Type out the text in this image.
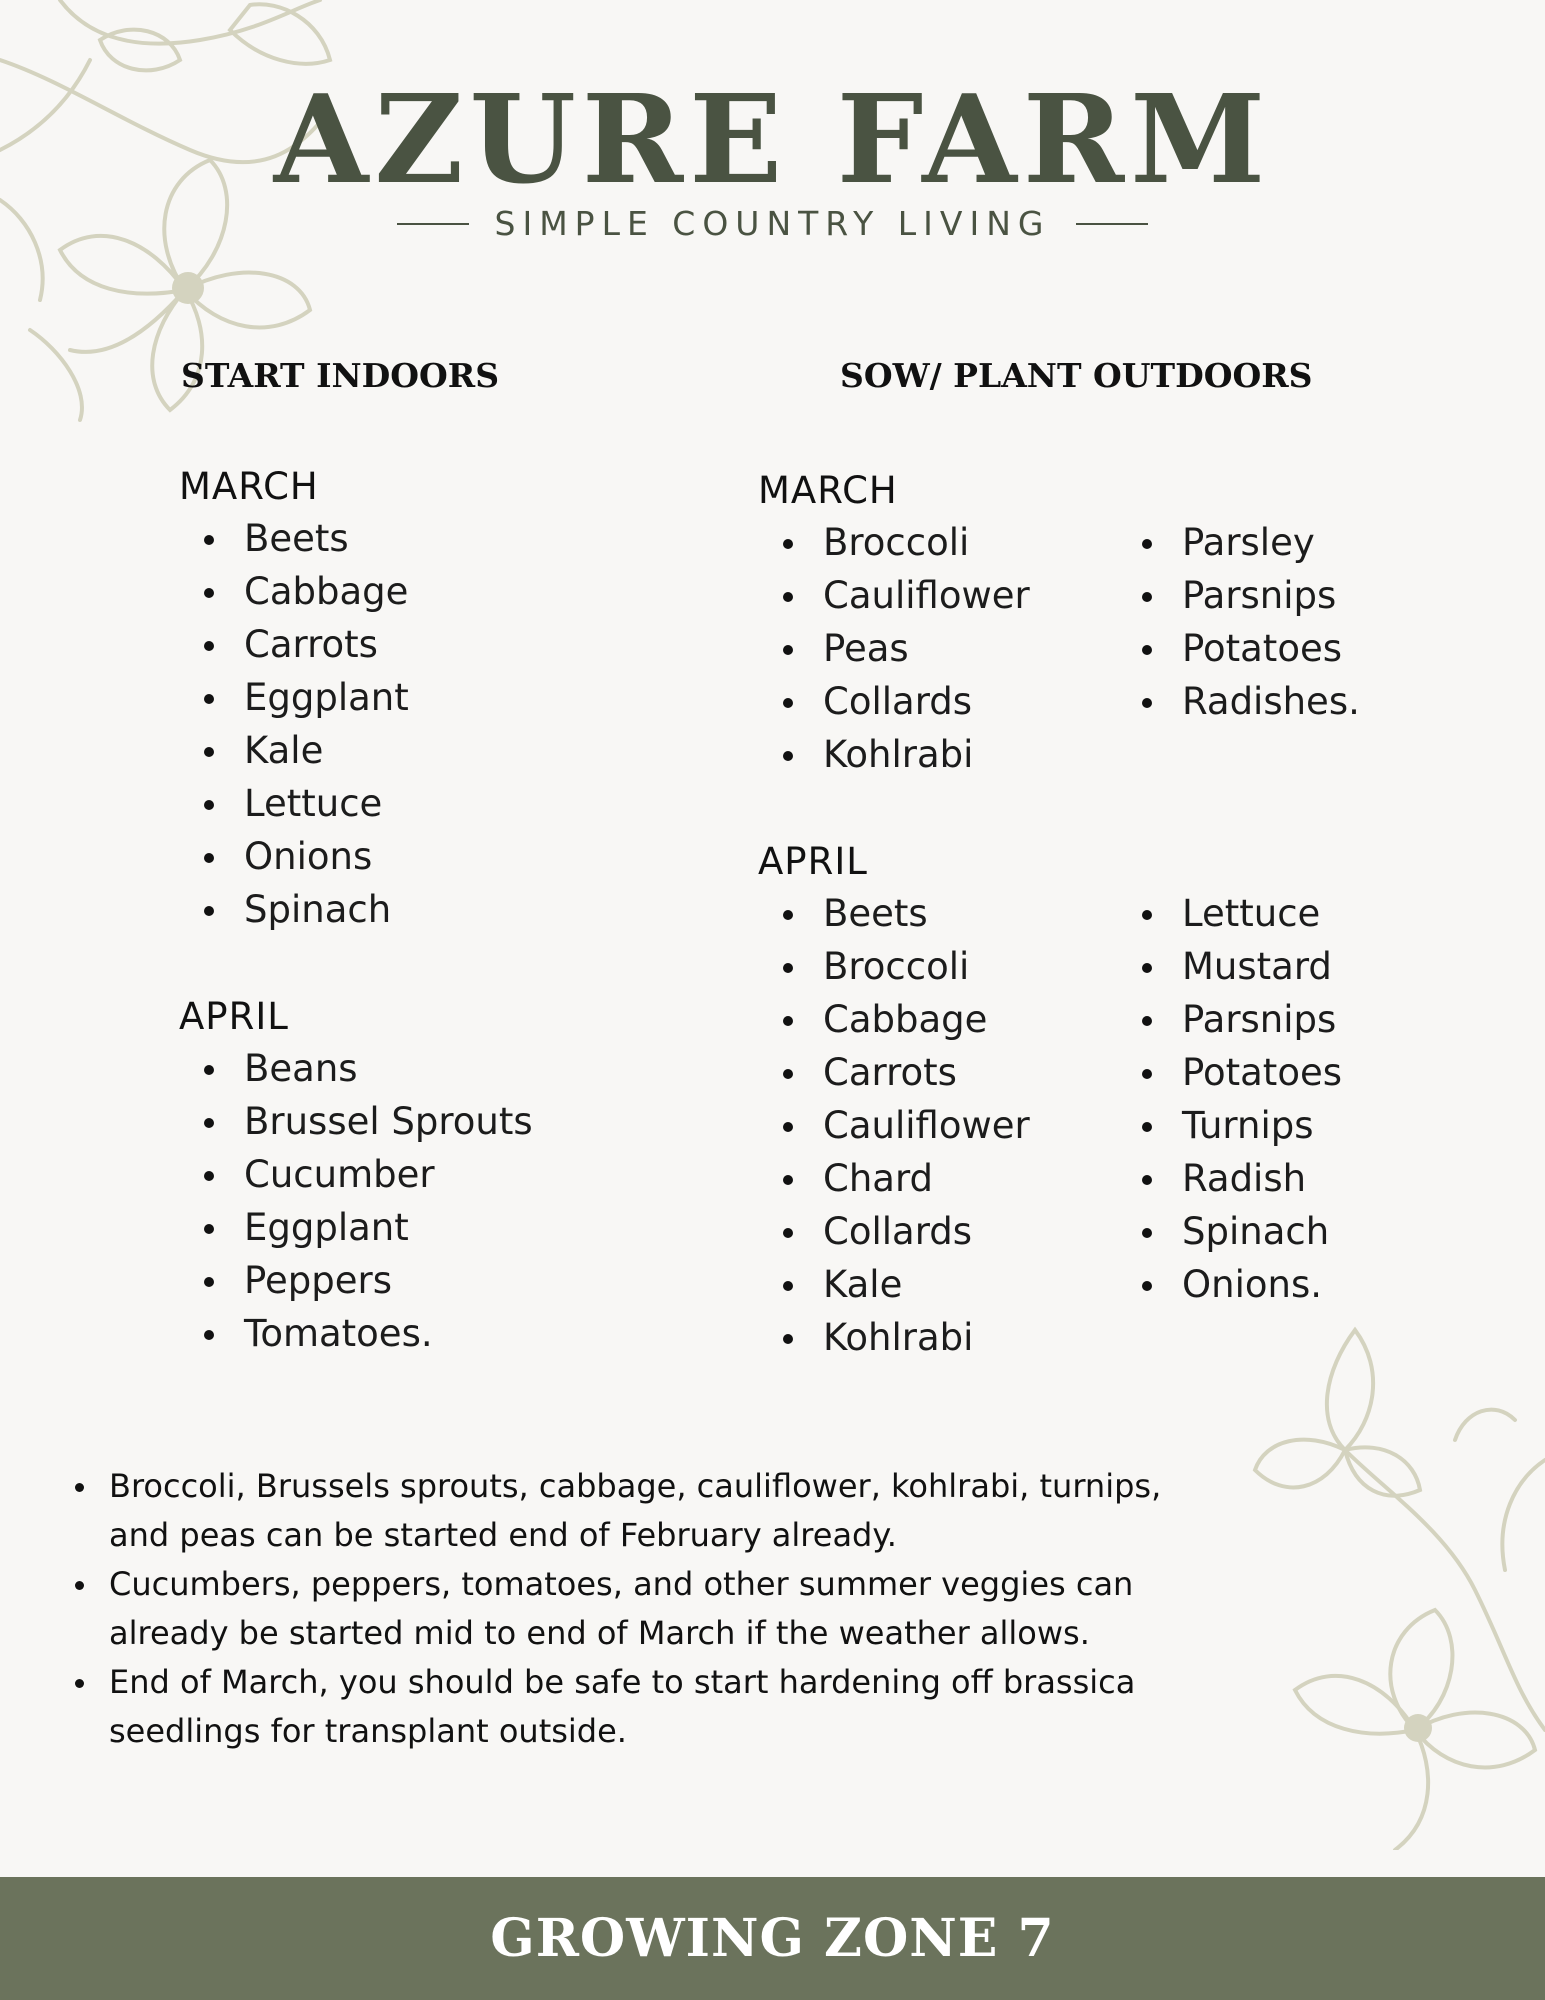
AZURE FARM
SIMPLE COUNTRY LIVING
START INDOORS	SOW/ PLANT OUTDOORS
MARCH
Beets
Cabbage
Carrots
Eggplant
Kale
Lettuce
Onions
Spinach
APRIL
Beans
Brussel Sprouts
Cucumber
Eggplant
Peppers
Tomatoes.
MARCH
Broccoli
Cauliflower
Peas
Collards
Kohlrabi
Parsley
Parsnips
Potatoes
Radishes.
APRIL
Beets
Broccoli
Cabbage
Carrots
Cauliflower
Chard
Collards
Kale
Kohlrabi
Lettuce
Mustard
Parsnips
Potatoes
Turnips
Radish
Spinach
Onions.
Broccoli, Brussels sprouts, cabbage, cauliflower, kohlrabi, turnips, and peas can be started end of February already.
Cucumbers, peppers, tomatoes, and other summer veggies can already be started mid to end of March if the weather allows.
End of March, you should be safe to start hardening off brassica seedlings for transplant outside.
GROWING ZONE 7
